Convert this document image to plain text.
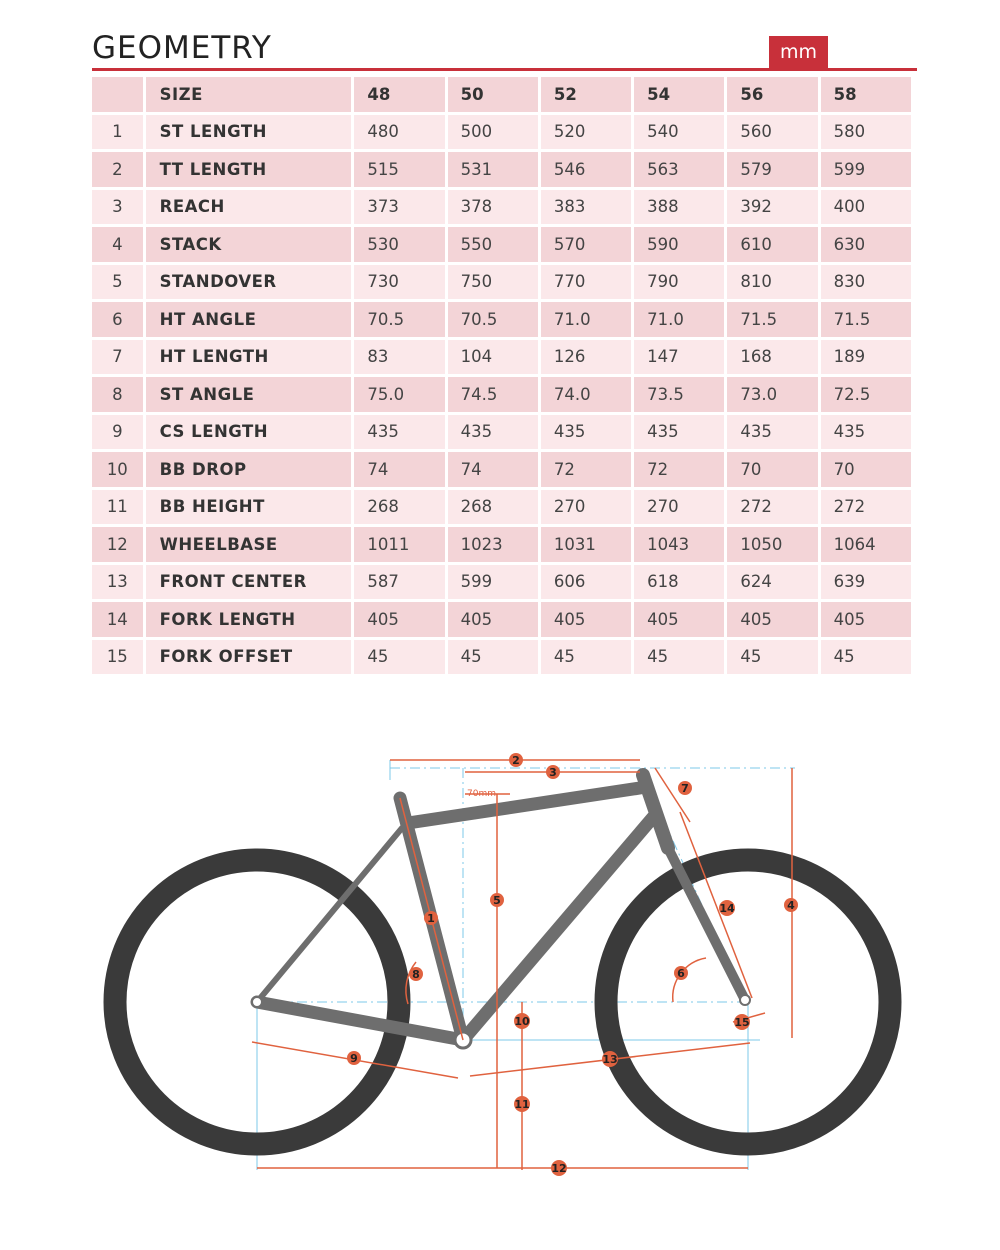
GEOMETRY	mm
	SIZE	48	50	52	54	56	58
1	ST LENGTH	480	500	520	540	560	580
2	TT LENGTH	515	531	546	563	579	599
3	REACH	373	378	383	388	392	400
4	STACK	530	550	570	590	610	630
5	STANDOVER	730	750	770	790	810	830
6	HT ANGLE	70.5	70.5	71.0	71.0	71.5	71.5
7	HT LENGTH	83	104	126	147	168	189
8	ST ANGLE	75.0	74.5	74.0	73.5	73.0	72.5
9	CS LENGTH	435	435	435	435	435	435
10	BB DROP	74	74	72	72	70	70
11	BB HEIGHT	268	268	270	270	272	272
12	WHEELBASE	1011	1023	1031	1043	1050	1064
13	FRONT CENTER	587	599	606	618	624	639
14	FORK LENGTH	405	405	405	405	405	405
15	FORK OFFSET	45	45	45	45	45	45
70mm
1
2
3
4
5
6
7
8
9
10
11
12
13
14
15
